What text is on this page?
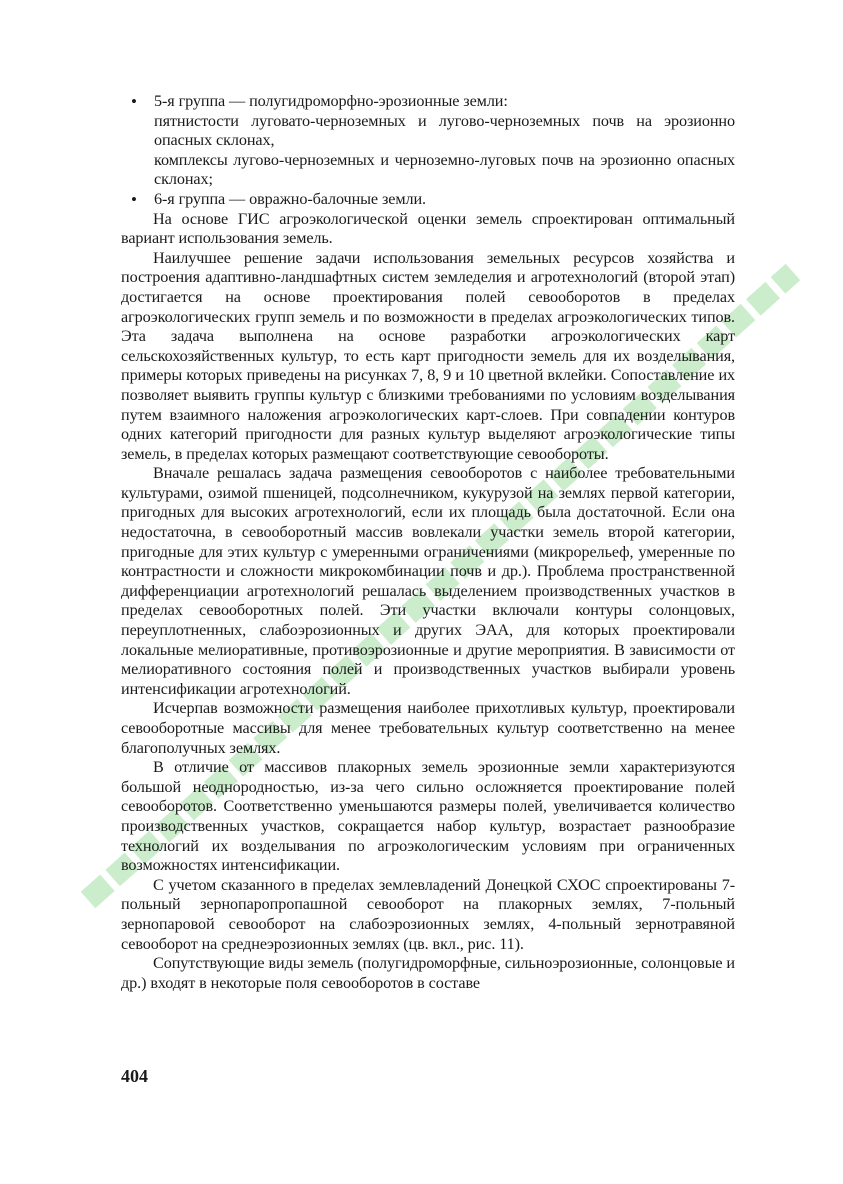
• 5-я группа — полугидроморфно-эрозионные земли:

пятнистости луговато-черноземных и лугово-черноземных почв на эрозионно опасных склонах,

комплексы лугово-черноземных и черноземно-луговых почв на эрозионно опасных склонах;

• 6-я группа — овражно-балочные земли.

На основе ГИС агроэкологической оценки земель спроектирован оптимальный вариант использования земель.

Наилучшее решение задачи использования земельных ресурсов хозяйства и построения адаптивно-ландшафтных систем земледелия и агротехнологий (второй этап) достигается на основе проектирования полей севооборотов в пределах агроэкологических групп земель и по возможности в пределах агроэкологических типов. Эта задача выполнена на основе разработки агроэкологических карт сельскохозяйственных культур, то есть карт пригодности земель для их возделывания, примеры которых приведены на рисунках 7, 8, 9 и 10 цветной вклейки. Сопоставление их позволяет выявить группы культур с близкими требованиями по условиям возделывания путем взаимного наложения агроэкологических карт-слоев. При совпадении контуров одних категорий пригодности для разных культур выделяют агроэкологические типы земель, в пределах которых размещают соответствующие севообороты.

Вначале решалась задача размещения севооборотов с наиболее требовательными культурами, озимой пшеницей, подсолнечником, кукурузой на землях первой категории, пригодных для высоких агротехнологий, если их площадь была достаточной. Если она недостаточна, в севооборотный массив вовлекали участки земель второй категории, пригодные для этих культур с умеренными ограничениями (микрорельеф, умеренные по контрастности и сложности микрокомбинации почв и др.). Проблема пространственной дифференциации агротехнологий решалась выделением производственных участков в пределах севооборотных полей. Эти участки включали контуры солонцовых, переуплотненных, слабоэрозионных и других ЭАА, для которых проектировали локальные мелиоративные, противоэрозионные и другие мероприятия. В зависимости от мелиоративного состояния полей и производственных участков выбирали уровень интенсификации агротехнологий.

Исчерпав возможности размещения наиболее прихотливых культур, проектировали севооборотные массивы для менее требовательных культур соответственно на менее благополучных землях.

В отличие от массивов плакорных земель эрозионные земли характеризуются большой неоднородностью, из-за чего сильно осложняется проектирование полей севооборотов. Соответственно уменьшаются размеры полей, увеличивается количество производственных участков, сокращается набор культур, возрастает разнообразие технологий их возделывания по агроэкологическим условиям при ограниченных возможностях интенсификации.

С учетом сказанного в пределах землевладений Донецкой СХОС спроектированы 7-польный зернопаропропашной севооборот на плакорных землях, 7-польный зернопаровой севооборот на слабоэрозионных землях, 4-польный зернотравяной севооборот на среднеэрозионных землях (цв. вкл., рис. 11).

Сопутствующие виды земель (полугидроморфные, сильноэрозионные, солонцовые и др.) входят в некоторые поля севооборотов в составе

404
